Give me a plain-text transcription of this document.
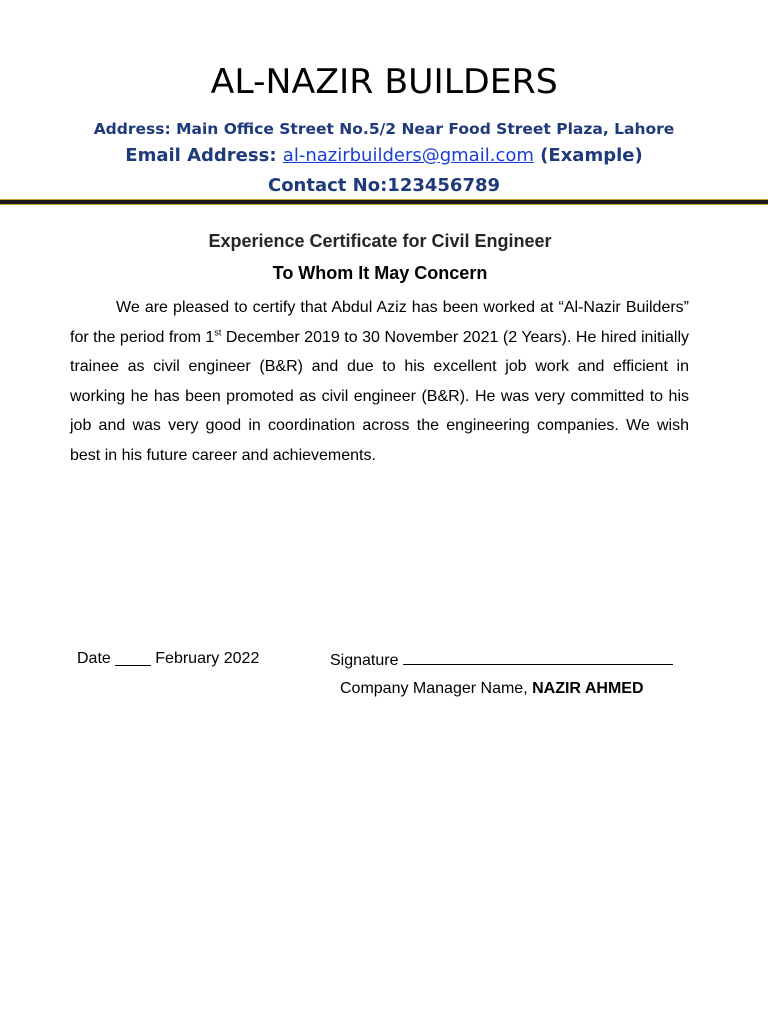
AL-NAZIR BUILDERS
Address: Main Office Street No.5/2 Near Food Street Plaza, Lahore
Email Address: al-nazirbuilders@gmail.com (Example)
Contact No:123456789
Experience Certificate for Civil Engineer
To Whom It May Concern
We are pleased to certify that Abdul Aziz has been worked at “Al-Nazir Builders” for the period from 1st December 2019 to 30 November 2021 (2 Years). He hired initially trainee as civil engineer (B&R) and due to his excellent job work and efficient in working he has been promoted as civil engineer (B&R). He was very committed to his job and was very good in coordination across the engineering companies. We wish best in his future career and achievements.
Date ____ February 2022	Signature
Company Manager Name, NAZIR AHMED
